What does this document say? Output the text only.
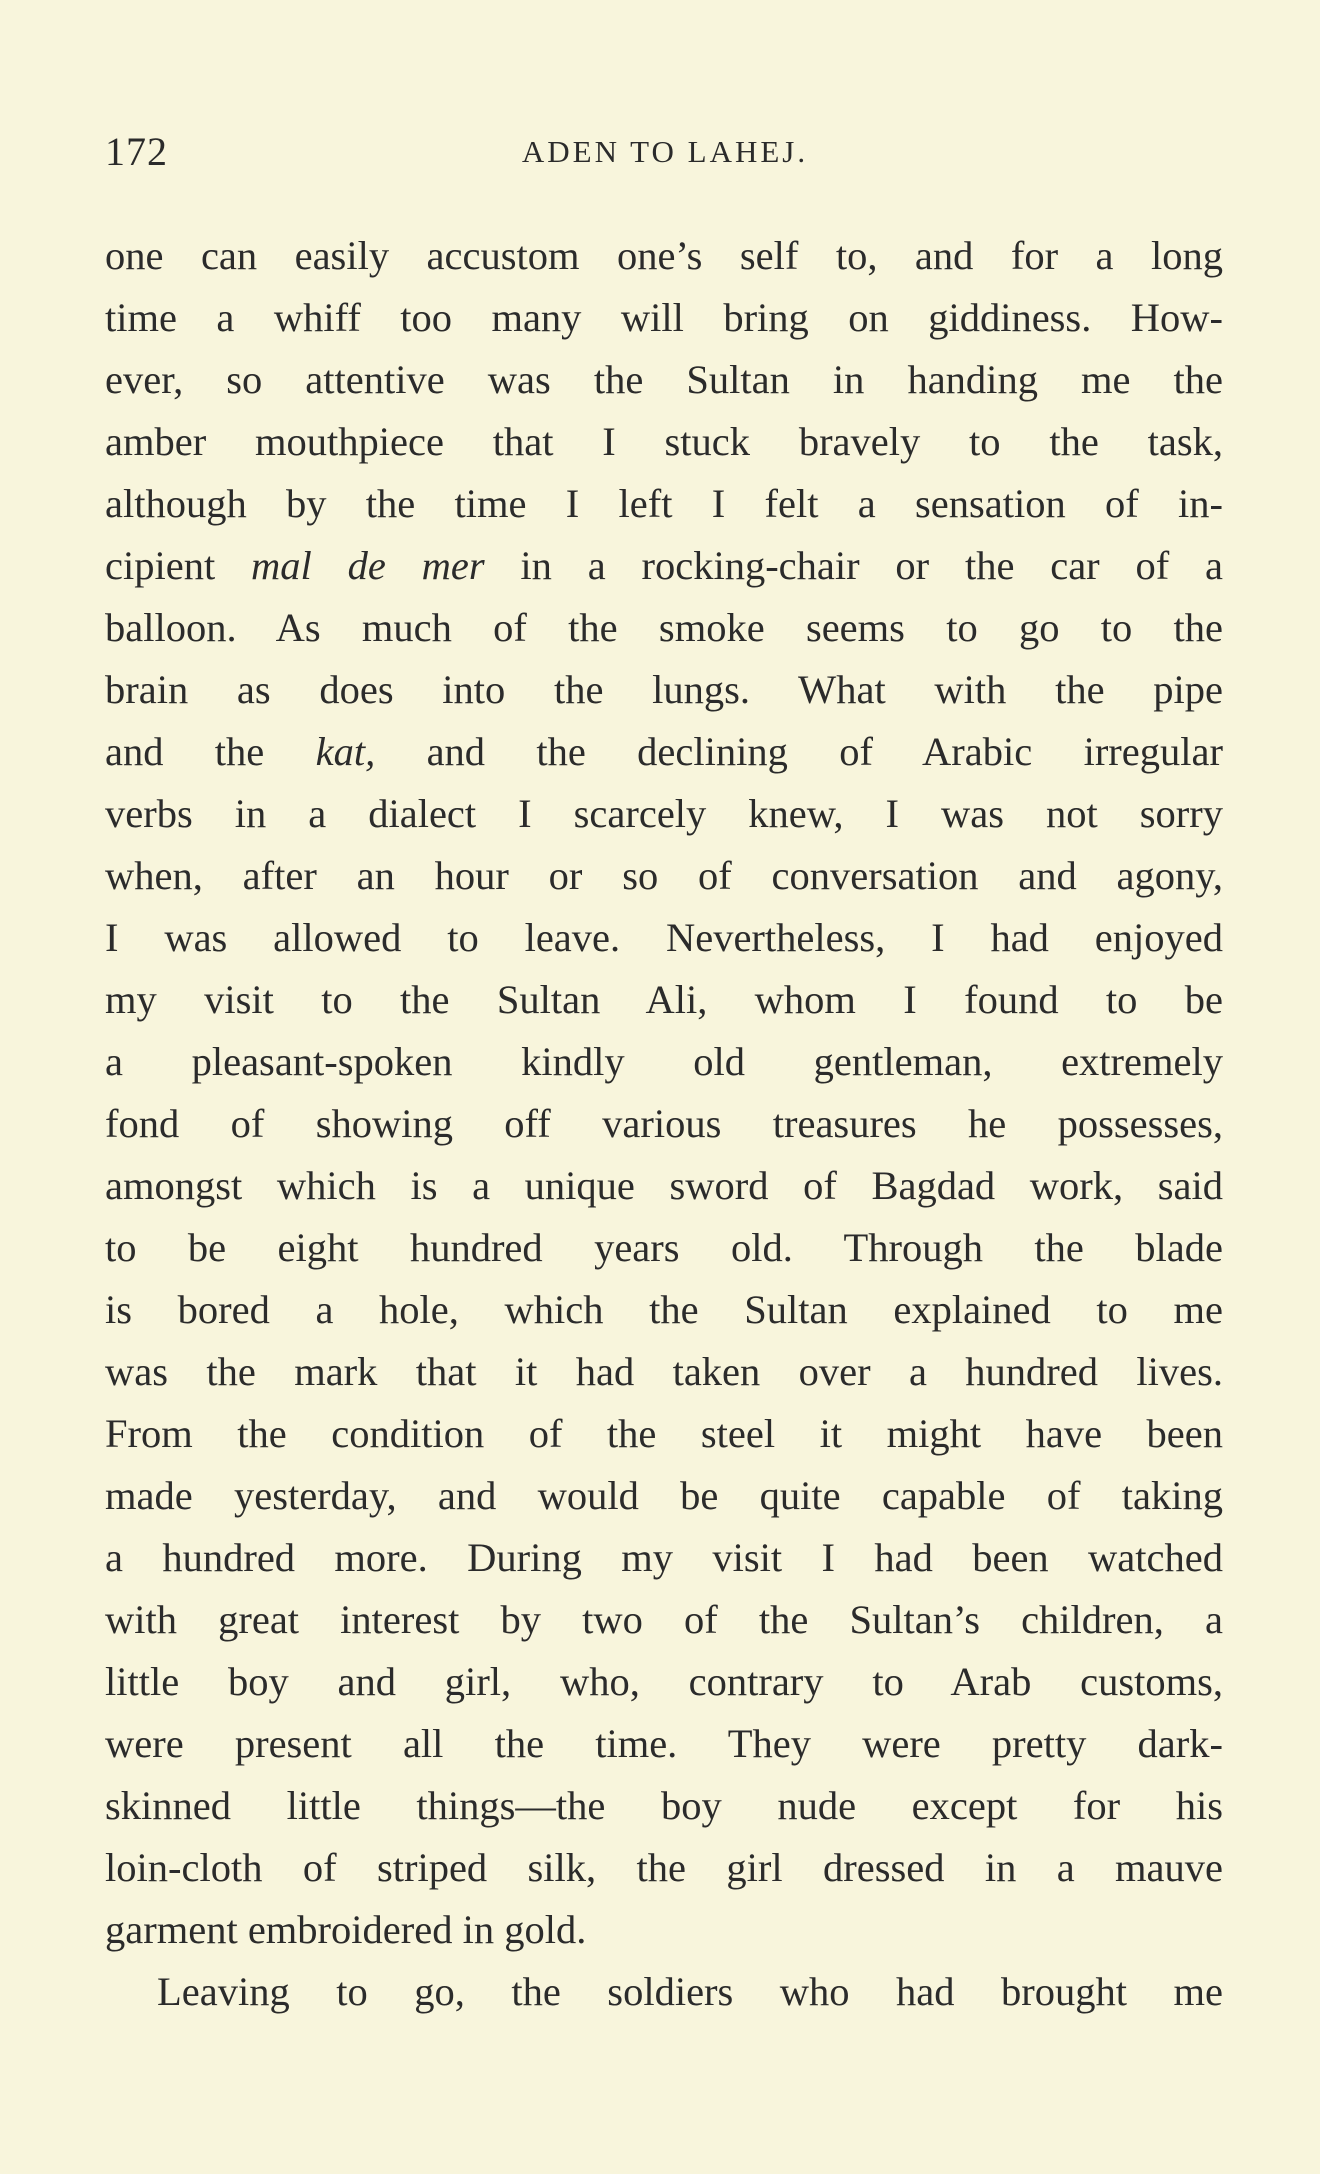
172	ADEN TO LAHEJ.
one can easily accustom one’s self to, and for a long
time a whiff too many will bring on giddiness. How-
ever, so attentive was the Sultan in handing me the
amber mouthpiece that I stuck bravely to the task,
although by the time I left I felt a sensation of in-
cipient mal de mer in a rocking-chair or the car of a
balloon. As much of the smoke seems to go to the
brain as does into the lungs. What with the pipe
and the kat, and the declining of Arabic irregular
verbs in a dialect I scarcely knew, I was not sorry
when, after an hour or so of conversation and agony,
I was allowed to leave. Nevertheless, I had enjoyed
my visit to the Sultan Ali, whom I found to be
a pleasant-spoken kindly old gentleman, extremely
fond of showing off various treasures he possesses,
amongst which is a unique sword of Bagdad work, said
to be eight hundred years old. Through the blade
is bored a hole, which the Sultan explained to me
was the mark that it had taken over a hundred lives.
From the condition of the steel it might have been
made yesterday, and would be quite capable of taking
a hundred more. During my visit I had been watched
with great interest by two of the Sultan’s children, a
little boy and girl, who, contrary to Arab customs,
were present all the time. They were pretty dark-
skinned little things—the boy nude except for his
loin-cloth of striped silk, the girl dressed in a mauve
garment embroidered in gold.
Leaving to go, the soldiers who had brought me
